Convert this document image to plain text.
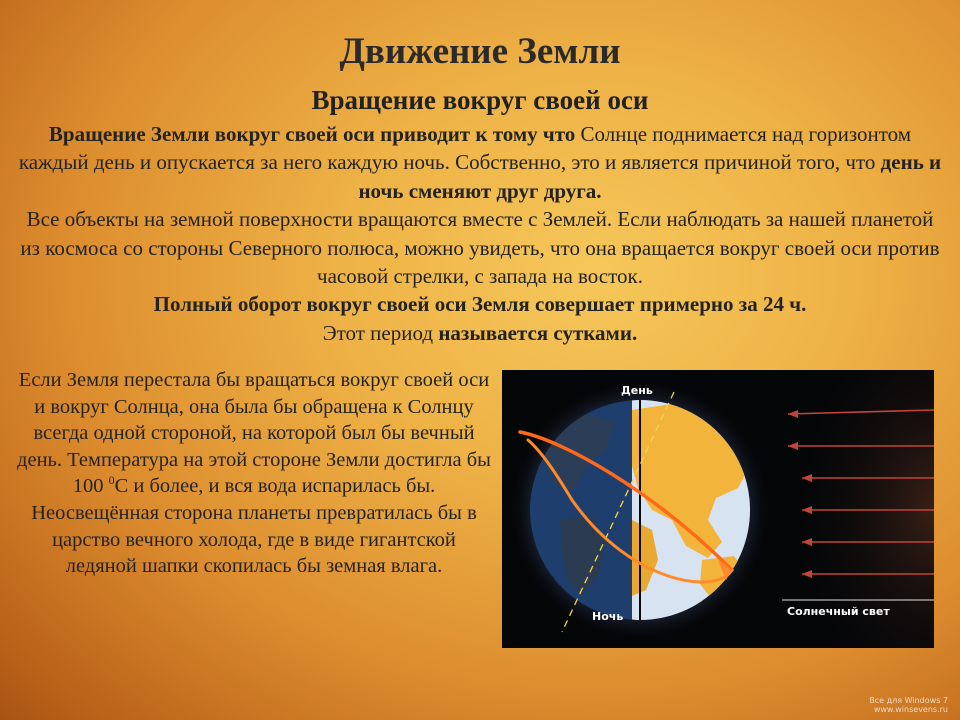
Движение Земли
Вращение вокруг своей оси

Вращение Земли вокруг своей оси приводит к тому что Солнце поднимается над горизонтом каждый день и опускается за него каждую ночь. Собственно, это и является причиной того, что день и ночь сменяют друг друга.
Все объекты на земной поверхности вращаются вместе с Землей. Если наблюдать за нашей планетой из космоса со стороны Северного полюса, можно увидеть, что она вращается вокруг своей оси против часовой стрелки, с запада на восток.

Полный оборот вокруг своей оси Земля совершает примерно за 24 ч.

Этот период называется сутками.

Если Земля перестала бы вращаться вокруг своей оси и вокруг Солнца, она была бы обращена к Солнцу всегда одной стороной, на которой был бы вечный день. Температура на этой стороне Земли достигла бы 100 $^0$С и более, и вся вода испарилась бы. Неосвещённая сторона планеты превратилась бы в царство вечного холода, где в виде гигантской ледяной шапки скопилась бы земная влага.

День
Ночь	Солнечный свет
Все для Windows 7
www.winsevens.ru
